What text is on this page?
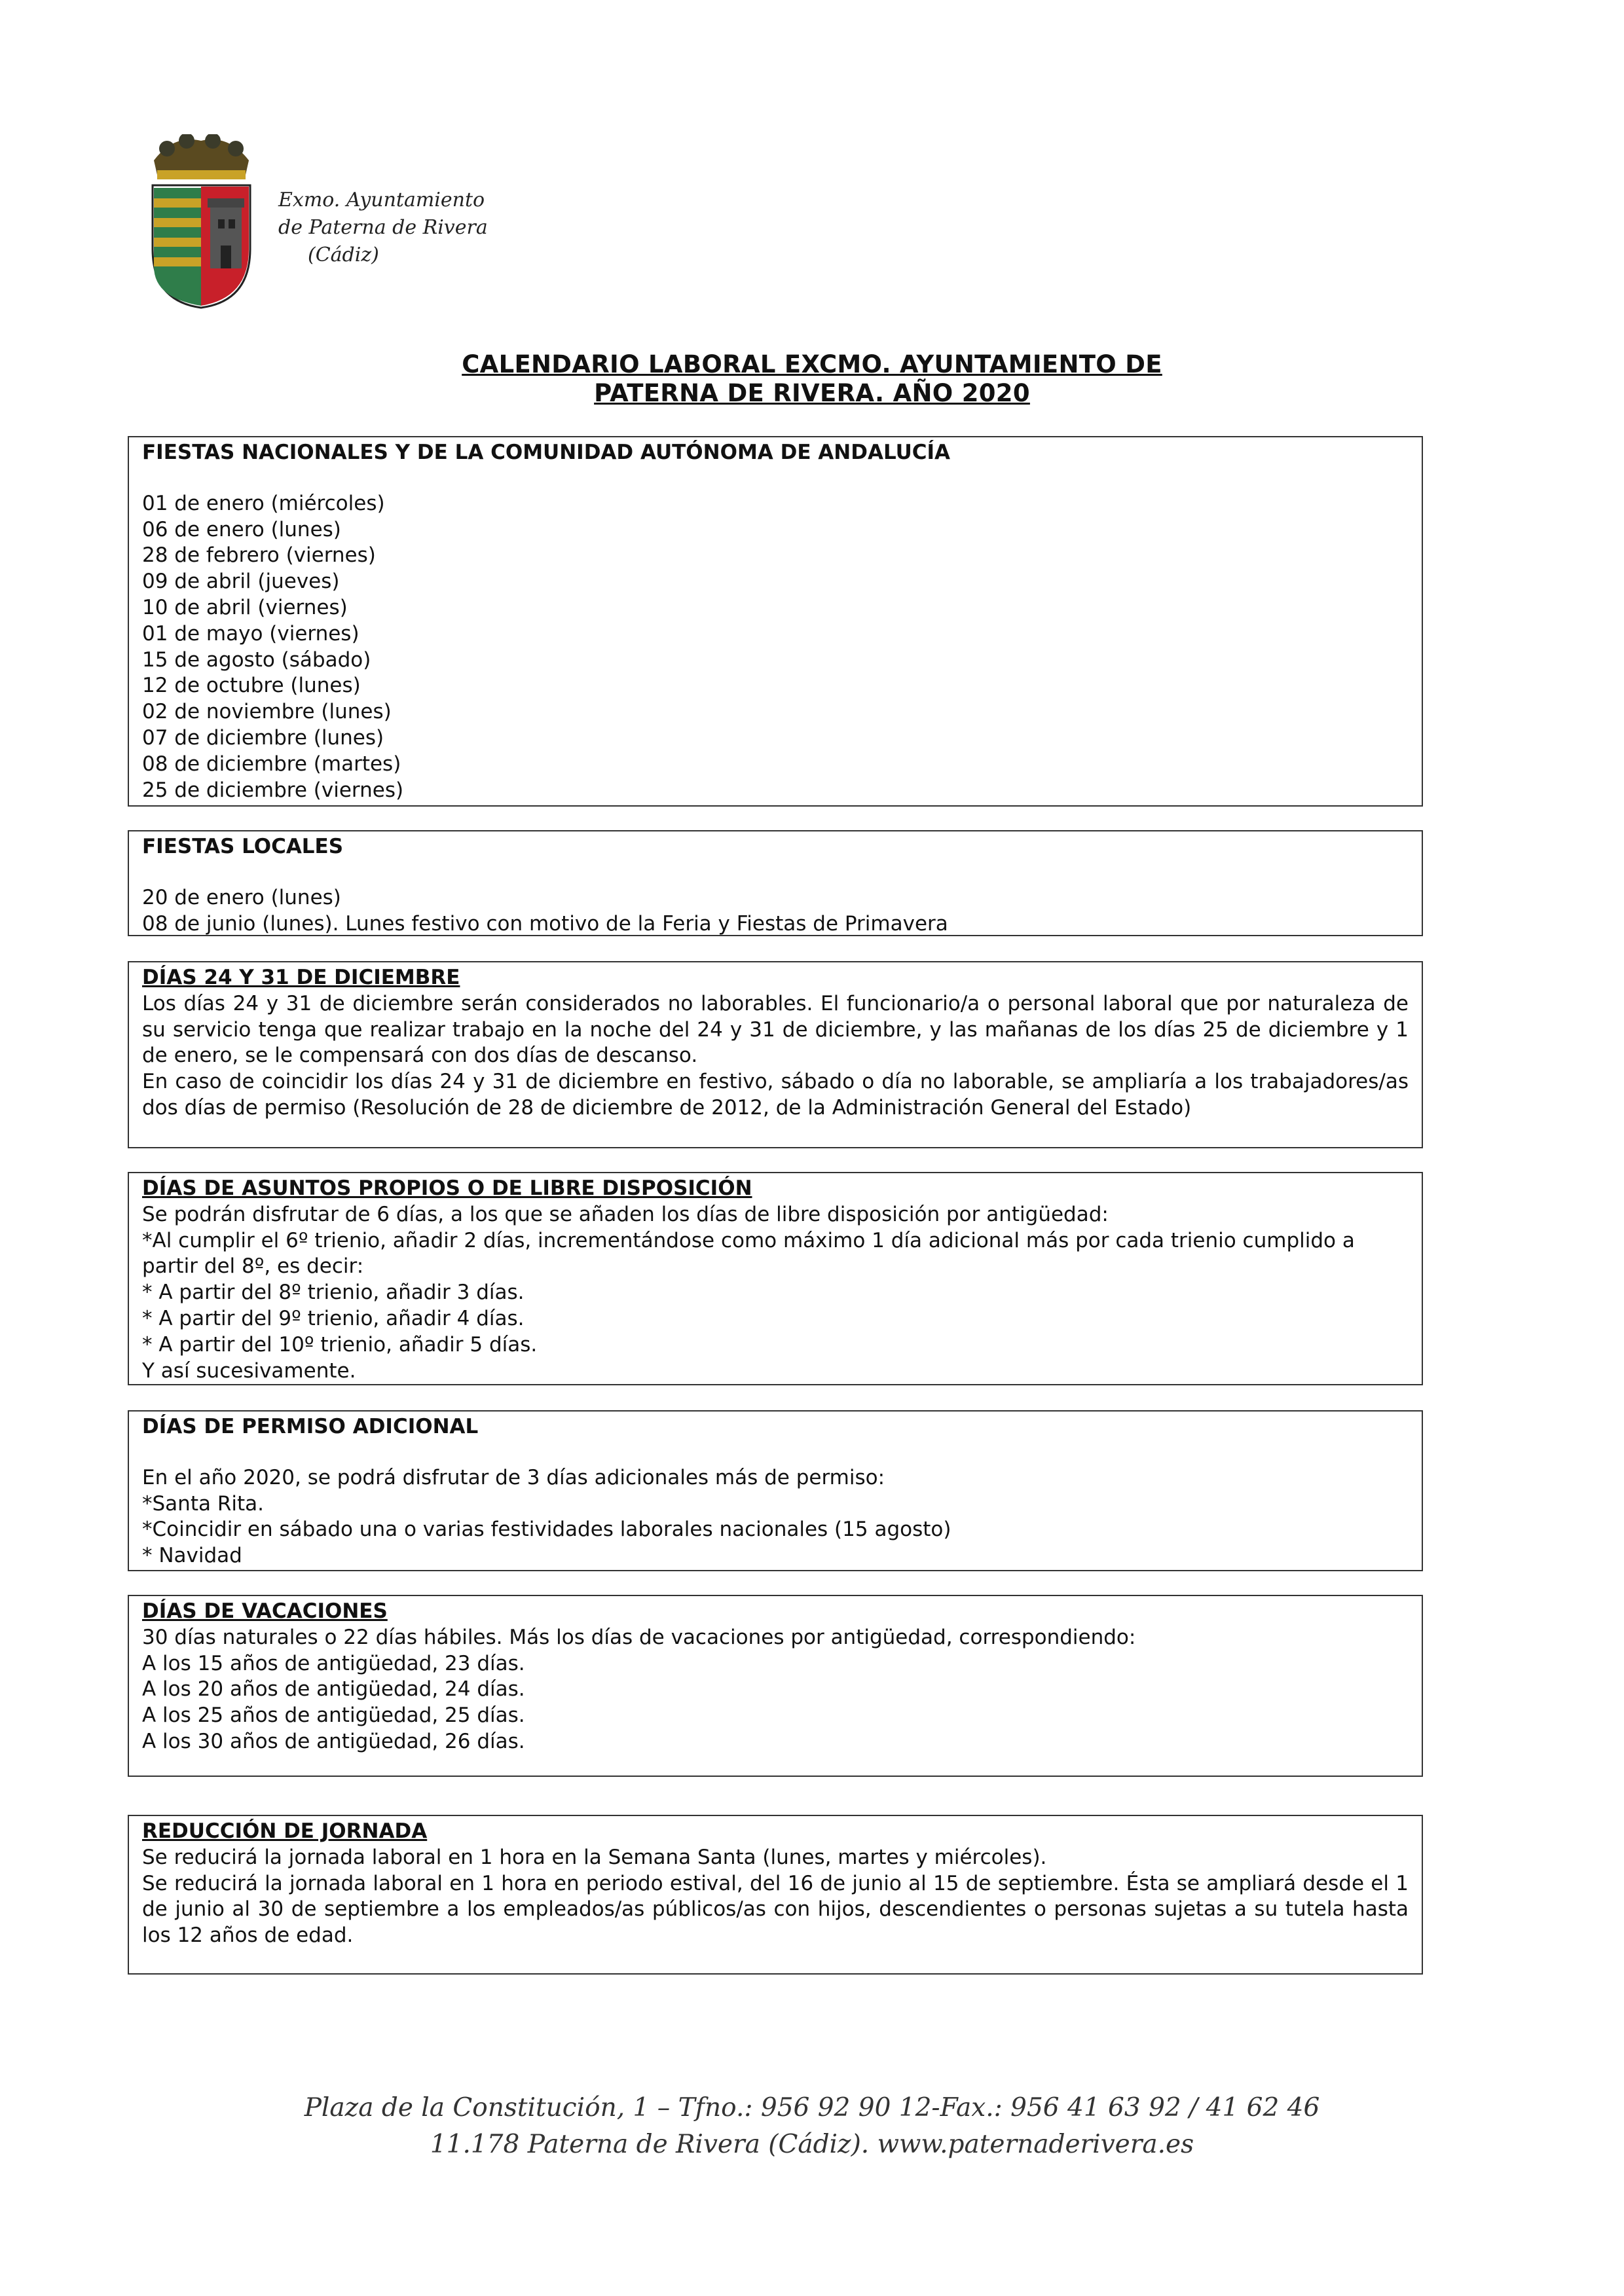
Exmo. Ayuntamiento
de Paterna de Rivera
(Cádiz)
CALENDARIO LABORAL EXCMO. AYUNTAMIENTO DE
PATERNA DE RIVERA. AÑO 2020
FIESTAS NACIONALES Y DE LA COMUNIDAD AUTÓNOMA DE ANDALUCÍA
01 de enero (miércoles)
06 de enero (lunes)
28 de febrero (viernes)
09 de abril (jueves)
10 de abril (viernes)
01 de mayo (viernes)
15 de agosto (sábado)
12 de octubre (lunes)
02 de noviembre (lunes)
07 de diciembre (lunes)
08 de diciembre (martes)
25 de diciembre (viernes)
FIESTAS LOCALES
20 de enero (lunes)
08 de junio (lunes). Lunes festivo con motivo de la Feria y Fiestas de Primavera
DÍAS 24 Y 31 DE DICIEMBRE
Los días 24 y 31 de diciembre serán considerados no laborables. El funcionario/a o personal laboral que por naturaleza de su servicio tenga que realizar trabajo en la noche del 24 y 31 de diciembre, y las mañanas de los días 25 de diciembre y 1 de enero, se le compensará con dos días de descanso.
En caso de coincidir los días 24 y 31 de diciembre en festivo, sábado o día no laborable, se ampliaría a los trabajadores/as dos días de permiso (Resolución de 28 de diciembre de 2012, de la Administración General del Estado)
DÍAS DE ASUNTOS PROPIOS O DE LIBRE DISPOSICIÓN
Se podrán disfrutar de 6 días, a los que se añaden los días de libre disposición por antigüedad:
*Al cumplir el 6º trienio, añadir 2 días, incrementándose como máximo 1 día adicional más por cada trienio cumplido a partir del 8º, es decir:
* A partir del 8º trienio, añadir 3 días.
* A partir del 9º trienio, añadir 4 días.
* A partir del 10º trienio, añadir 5 días.
Y así sucesivamente.
DÍAS DE PERMISO ADICIONAL
En el año 2020, se podrá disfrutar de 3 días adicionales más de permiso:
*Santa Rita.
*Coincidir en sábado una o varias festividades laborales nacionales (15 agosto)
* Navidad
DÍAS DE VACACIONES
30 días naturales o 22 días hábiles. Más los días de vacaciones por antigüedad, correspondiendo:
A los 15 años de antigüedad, 23 días.
A los 20 años de antigüedad, 24 días.
A los 25 años de antigüedad, 25 días.
A los 30 años de antigüedad, 26 días.
REDUCCIÓN DE JORNADA
Se reducirá la jornada laboral en 1 hora en la Semana Santa (lunes, martes y miércoles).
Se reducirá la jornada laboral en 1 hora en periodo estival, del 16 de junio al 15 de septiembre. Ésta se ampliará desde el 1 de junio al 30 de septiembre a los empleados/as públicos/as con hijos, descendientes o personas sujetas a su tutela hasta los 12 años de edad.
Plaza de la Constitución, 1 – Tfno.: 956 92 90 12-Fax.: 956 41 63 92 / 41 62 46
11.178 Paterna de Rivera (Cádiz). www.paternaderivera.es
